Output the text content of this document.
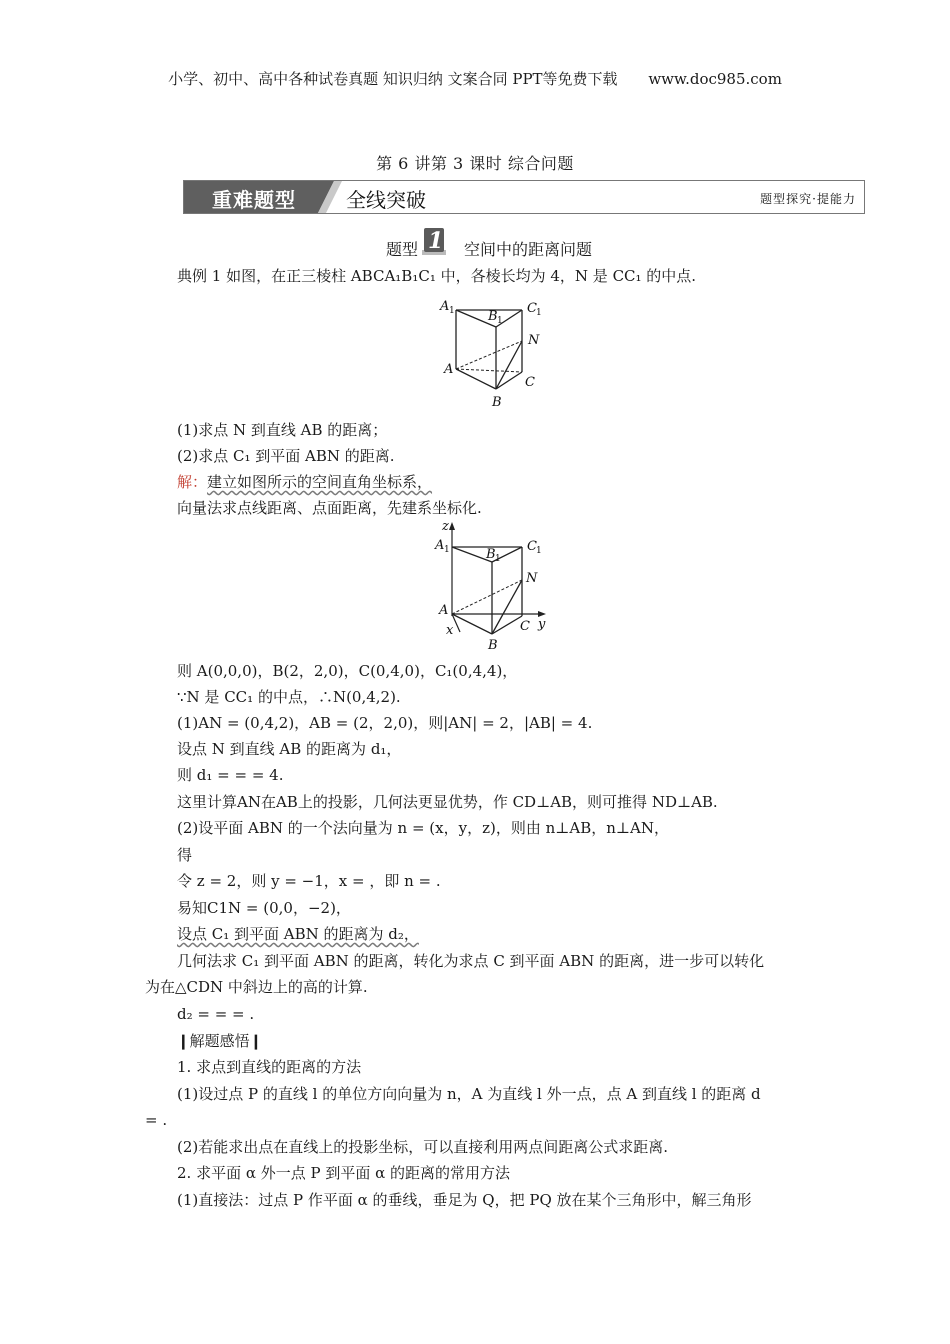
小学、初中、高中各种试卷真题 知识归纳 文案合同 PPT等免费下载 www.doc985.com
第 6 讲第 3 课时 综合问题
重难题型	全线突破	题型探究·提能力
题型 1 空间中的距离问题
典例 1 如图，在正三棱柱 ABCA₁B₁C₁ 中，各棱长均为 4，N 是 CC₁ 的中点.
A 1	B 1
C 1
N
A
C
B
(1)求点 N 到直线 AB 的距离；
(2)求点 C₁ 到平面 ABN 的距离.
解：建立如图所示的空间直角坐标系，
向量法求点线距离、点面距离，先建系坐标化.
z
A 1	B 1
C 1
N
A
x	C y
B
则 A(0,0,0)，B(2，2,0)，C(0,4,0)，C₁(0,4,4)，
∵N 是 CC₁ 的中点，∴N(0,4,2).
(1)AN = (0,4,2)，AB = (2，2,0)，则|AN| = 2，|AB| = 4.
设点 N 到直线 AB 的距离为 d₁，
则 d₁ = = = 4.
这里计算AN在AB上的投影，几何法更显优势，作 CD⊥AB，则可推得 ND⊥AB.
(2)设平面 ABN 的一个法向量为 n = (x，y，z)，则由 n⊥AB，n⊥AN，
得
令 z = 2，则 y = −1，x = ，即 n = .
易知C1N = (0,0，−2)，
设点 C₁ 到平面 ABN 的距离为 d₂，
几何法求 C₁ 到平面 ABN 的距离，转化为求点 C 到平面 ABN 的距离，进一步可以转化
为在△CDN 中斜边上的高的计算.
d₂ = = = .
❙解题感悟❙
1. 求点到直线的距离的方法
(1)设过点 P 的直线 l 的单位方向向量为 n，A 为直线 l 外一点，点 A 到直线 l 的距离 d
= .
(2)若能求出点在直线上的投影坐标，可以直接利用两点间距离公式求距离.
2. 求平面 α 外一点 P 到平面 α 的距离的常用方法
(1)直接法：过点 P 作平面 α 的垂线，垂足为 Q，把 PQ 放在某个三角形中，解三角形
